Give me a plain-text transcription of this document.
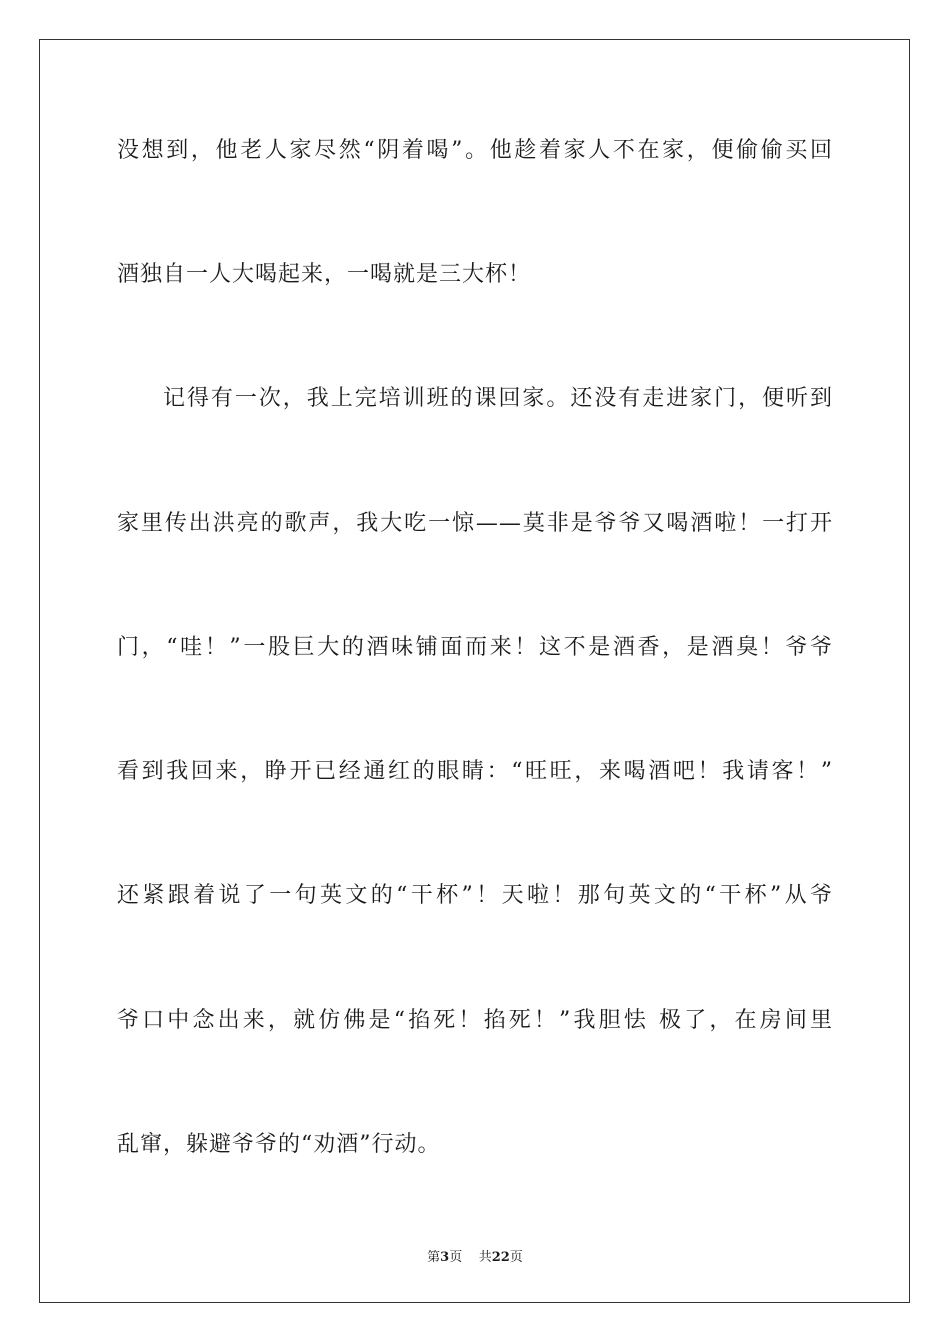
没想到，他老人家尽然“阴着喝”。他趁着家人不在家，便偷偷买回
酒独自一人大喝起来，一喝就是三大杯！
记得有一次，我上完培训班的课回家。还没有走进家门，便听到
家里传出洪亮的歌声，我大吃一惊——莫非是爷爷又喝酒啦！一打开
门，“哇！”一股巨大的酒味铺面而来！这不是酒香，是酒臭！爷爷
看到我回来，睁开已经通红的眼睛：“旺旺，来喝酒吧！我请客！”
还紧跟着说了一句英文的“干杯”！天啦！那句英文的“干杯”从爷
爷口中念出来，就仿佛是“掐死！掐死！”我胆怯 极了，在房间里
乱窜，躲避爷爷的“劝酒”行动。
第3页 共22页
